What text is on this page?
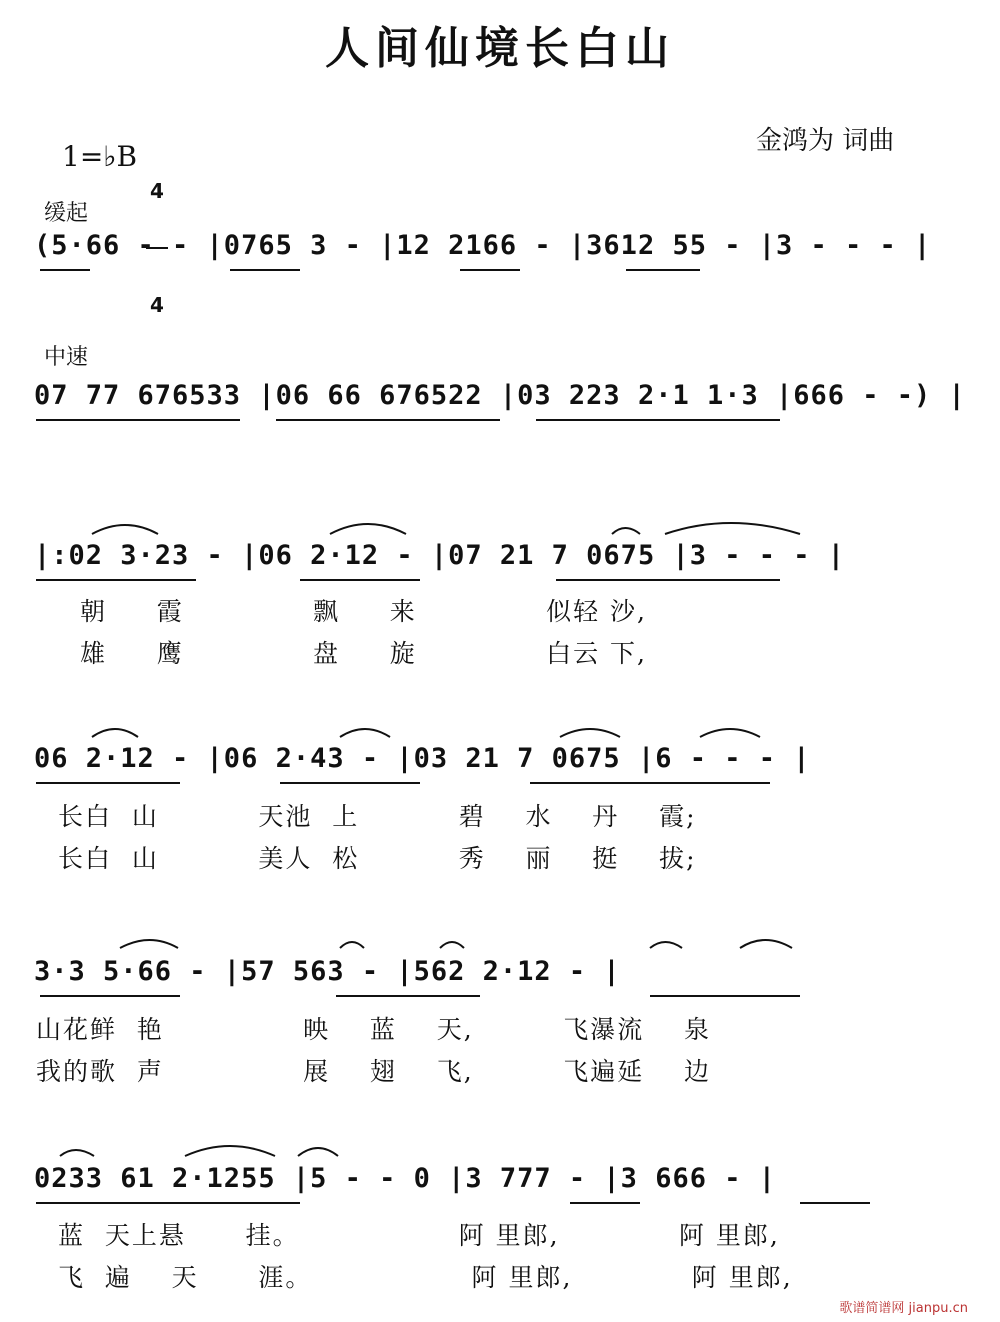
人间仙境长白山
金鸿为 词曲
1=♭B

4

4

缓起
(5·66 - - |0765 3 - |12 2166 - |3612 55 - |3 - - - |
中速
07 77 676533 |06 66 676522 |03 223 2·1 1·3 |666 - -) |
|:02 3·23 - |06 2·12 - |07 21 7 0675 |3 - - - |
朝     霞             飘     来             似轻 沙,
雄     鹰             盘     旋             白云 下,
06 2·12 - |06 2·43 - |03 21 7 0675 |6 - - - |
长白  山          天池  上          碧    水    丹    霞;
长白  山          美人  松          秀    丽    挺    拔;
3·3 5·66 - |57 563 - |562 2·12 - |
山花鲜  艳              映    蓝    天,         飞瀑流    泉
我的歌  声              展    翅    飞,         飞遍延    边
0233 61 2·1255 |5 - - 0 |3 777 - |3 666 - |
蓝  天上悬      挂。                阿 里郎,            阿 里郎,
飞  遍    天      涯。                阿 里郎,            阿 里郎,
歌谱简谱网 jianpu.cn
